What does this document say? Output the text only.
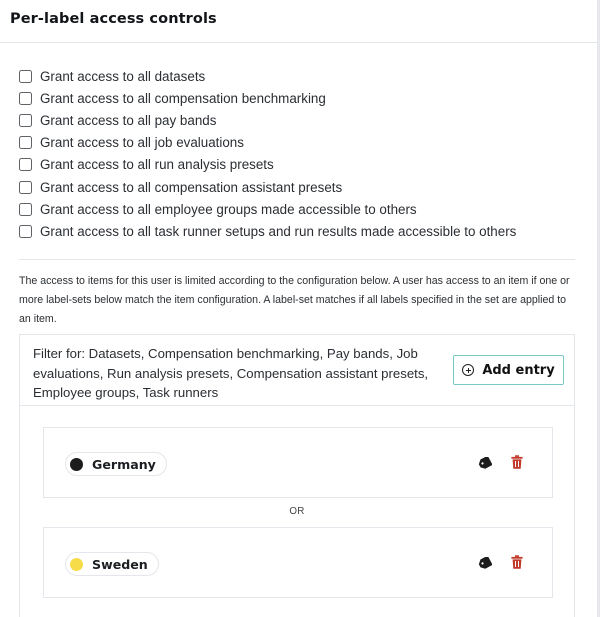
Per-label access controls
Grant access to all datasets
Grant access to all compensation benchmarking
Grant access to all pay bands
Grant access to all job evaluations
Grant access to all run analysis presets
Grant access to all compensation assistant presets
Grant access to all employee groups made accessible to others
Grant access to all task runner setups and run results made accessible to others

The access to items for this user is limited according to the configuration below. A user has access to an item if one or more label-sets below match the item configuration. A label-set matches if all labels specified in the set are applied to an item.

Filter for: Datasets, Compensation benchmarking, Pay bands, Job evaluations, Run analysis presets, Compensation assistant presets, Employee groups, Task runners
Add entry
Germany
OR
Sweden
